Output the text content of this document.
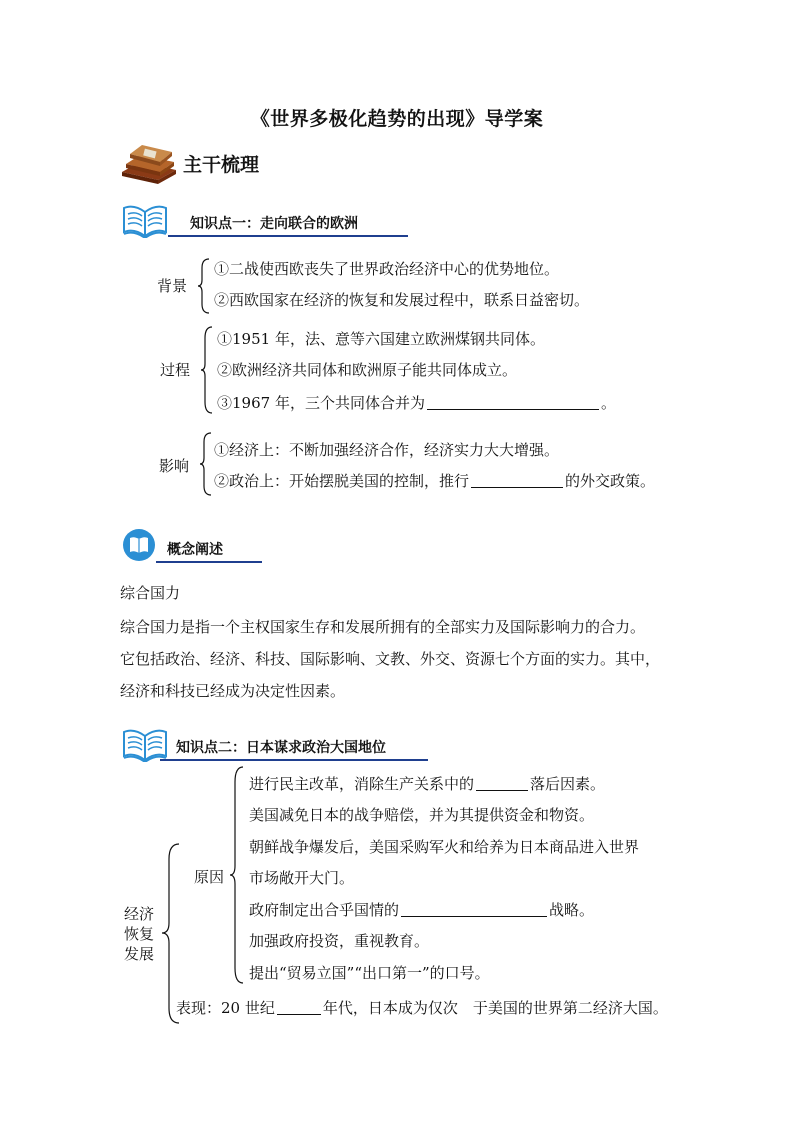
《世界多极化趋势的出现》导学案
主干梳理
知识点一：走向联合的欧洲
背景
①二战使西欧丧失了世界政治经济中心的优势地位。
②西欧国家在经济的恢复和发展过程中，联系日益密切。
过程
①1951 年，法、意等六国建立欧洲煤钢共同体。
②欧洲经济共同体和欧洲原子能共同体成立。
③1967 年，三个共同体合并为	。
影响
①经济上：不断加强经济合作，经济实力大大增强。
②政治上：开始摆脱美国的控制，推行	的外交政策。
概念阐述
综合国力
综合国力是指一个主权国家生存和发展所拥有的全部实力及国际影响力的合力。
它包括政治、经济、科技、国际影响、文教、外交、资源七个方面的实力。其中，
经济和科技已经成为决定性因素。
知识点二：日本谋求政治大国地位
经济
恢复
发展
原因
进行民主改革，消除生产关系中的	落后因素。
美国减免日本的战争赔偿，并为其提供资金和物资。
朝鲜战争爆发后，美国采购军火和给养为日本商品进入世界
市场敞开大门。
政府制定出合乎国情的	战略。
加强政府投资，重视教育。
提出“贸易立国”“出口第一”的口号。
表现：20 世纪	年代，日本成为仅次　于美国的世界第二经济大国。
